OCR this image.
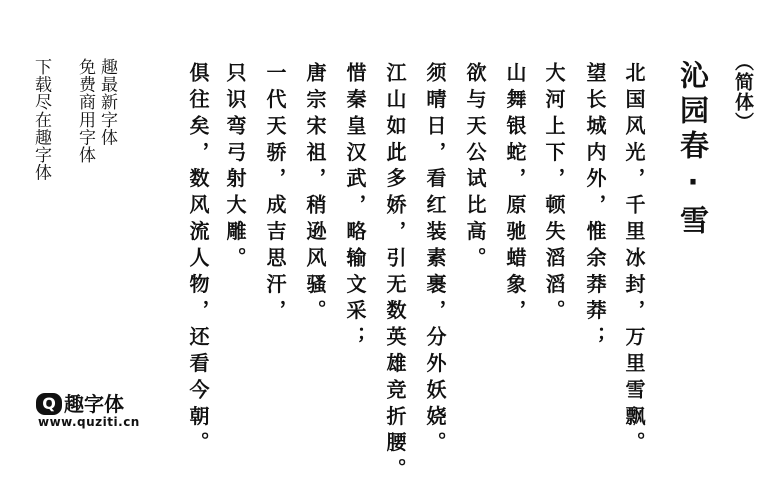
（简体）
沁园春·雪
北国风光，千里冰封，万里雪飘。
望长城内外，惟余莽莽；
大河上下，顿失滔滔。
山舞银蛇，原驰蜡象，
欲与天公试比高。
须晴日，看红装素裹，分外妖娆。
江山如此多娇，引无数英雄竞折腰。
惜秦皇汉武，略输文采；
唐宗宋祖，稍逊风骚。
一代天骄，成吉思汗，
只识弯弓射大雕。
俱往矣，数风流人物，还看今朝。
趣最新字体
免费商用字体
下载尽在趣字体
Q 趣字体
www.quziti.cn
